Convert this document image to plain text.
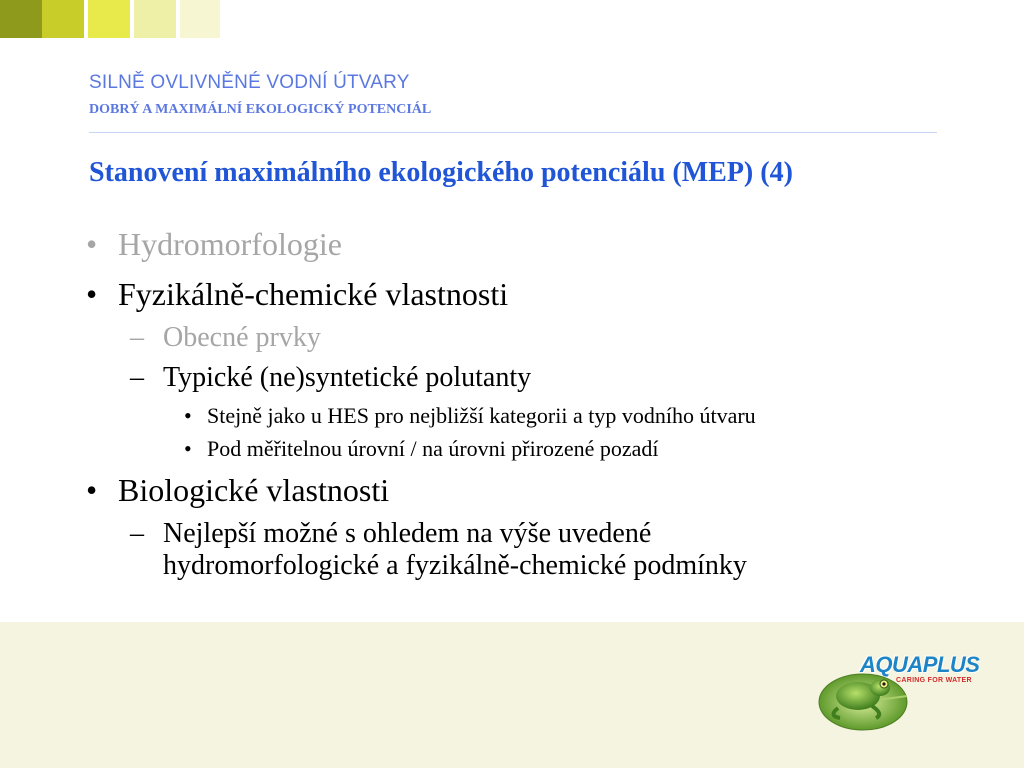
SILNĚ OVLIVNĚNÉ VODNÍ ÚTVARY
DOBRÝ A MAXIMÁLNÍ EKOLOGICKÝ POTENCIÁL
Stanovení maximálního ekologického potenciálu (MEP) (4)
• Hydromorfologie
• Fyzikálně-chemické vlastnosti
– Obecné prvky
– Typické (ne)syntetické polutanty
• Stejně jako u HES pro nejbližší kategorii a typ vodního útvaru
• Pod měřitelnou úrovní / na úrovni přirozené pozadí
• Biologické vlastnosti
– Nejlepší možné s ohledem na výše uvedené
hydromorfologické a fyzikálně-chemické podmínky
AQUAPLUS
CARING FOR WATER
